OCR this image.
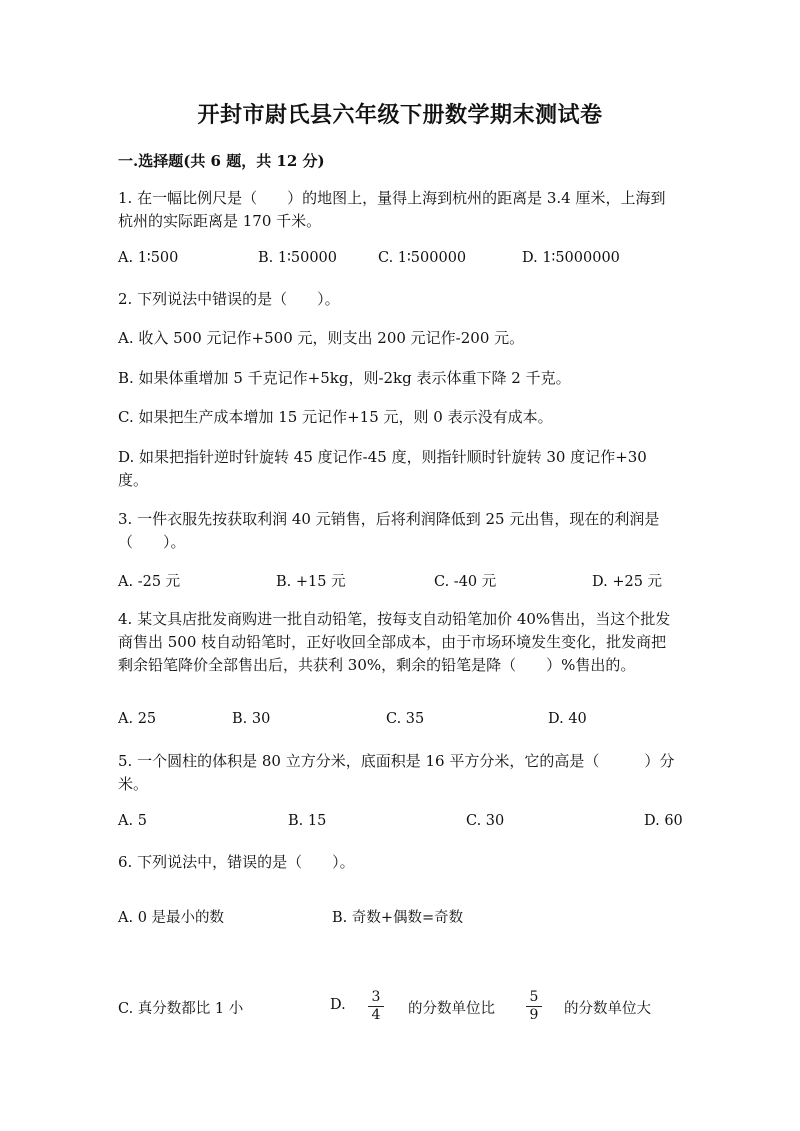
开封市尉氏县六年级下册数学期末测试卷
一.选择题(共 6 题，共 12 分)
1. 在一幅比例尺是（　　）的地图上，量得上海到杭州的距离是 3.4 厘米，上海到杭州的实际距离是 170 千米。
A. 1∶500	B. 1∶50000	C. 1∶500000	D. 1∶5000000
2. 下列说法中错误的是（　　）。
A. 收入 500 元记作+500 元，则支出 200 元记作-200 元。
B. 如果体重增加 5 千克记作+5kg，则-2kg 表示体重下降 2 千克。
C. 如果把生产成本增加 15 元记作+15 元，则 0 表示没有成本。
D. 如果把指针逆时针旋转 45 度记作-45 度，则指针顺时针旋转 30 度记作+30 度。
3. 一件衣服先按获取利润 40 元销售，后将利润降低到 25 元出售，现在的利润是（　　）。
A. -25 元	B. +15 元	C. -40 元	D. +25 元
4. 某文具店批发商购进一批自动铅笔，按每支自动铅笔加价 40%售出，当这个批发商售出 500 枝自动铅笔时，正好收回全部成本，由于市场环境发生变化，批发商把剩余铅笔降价全部售出后，共获利 30%，剩余的铅笔是降（　　）%售出的。
A. 25	B. 30	C. 35	D. 40
5. 一个圆柱的体积是 80 立方分米，底面积是 16 平方分米，它的高是（　　　）分米。
A. 5	B. 15	C. 30	D. 60
6. 下列说法中，错误的是（　　）。
A. 0 是最小的数	B. 奇数+偶数=奇数
C. 真分数都比 1 小	D.	3
4	的分数单位比
5
9	的分数单位大
